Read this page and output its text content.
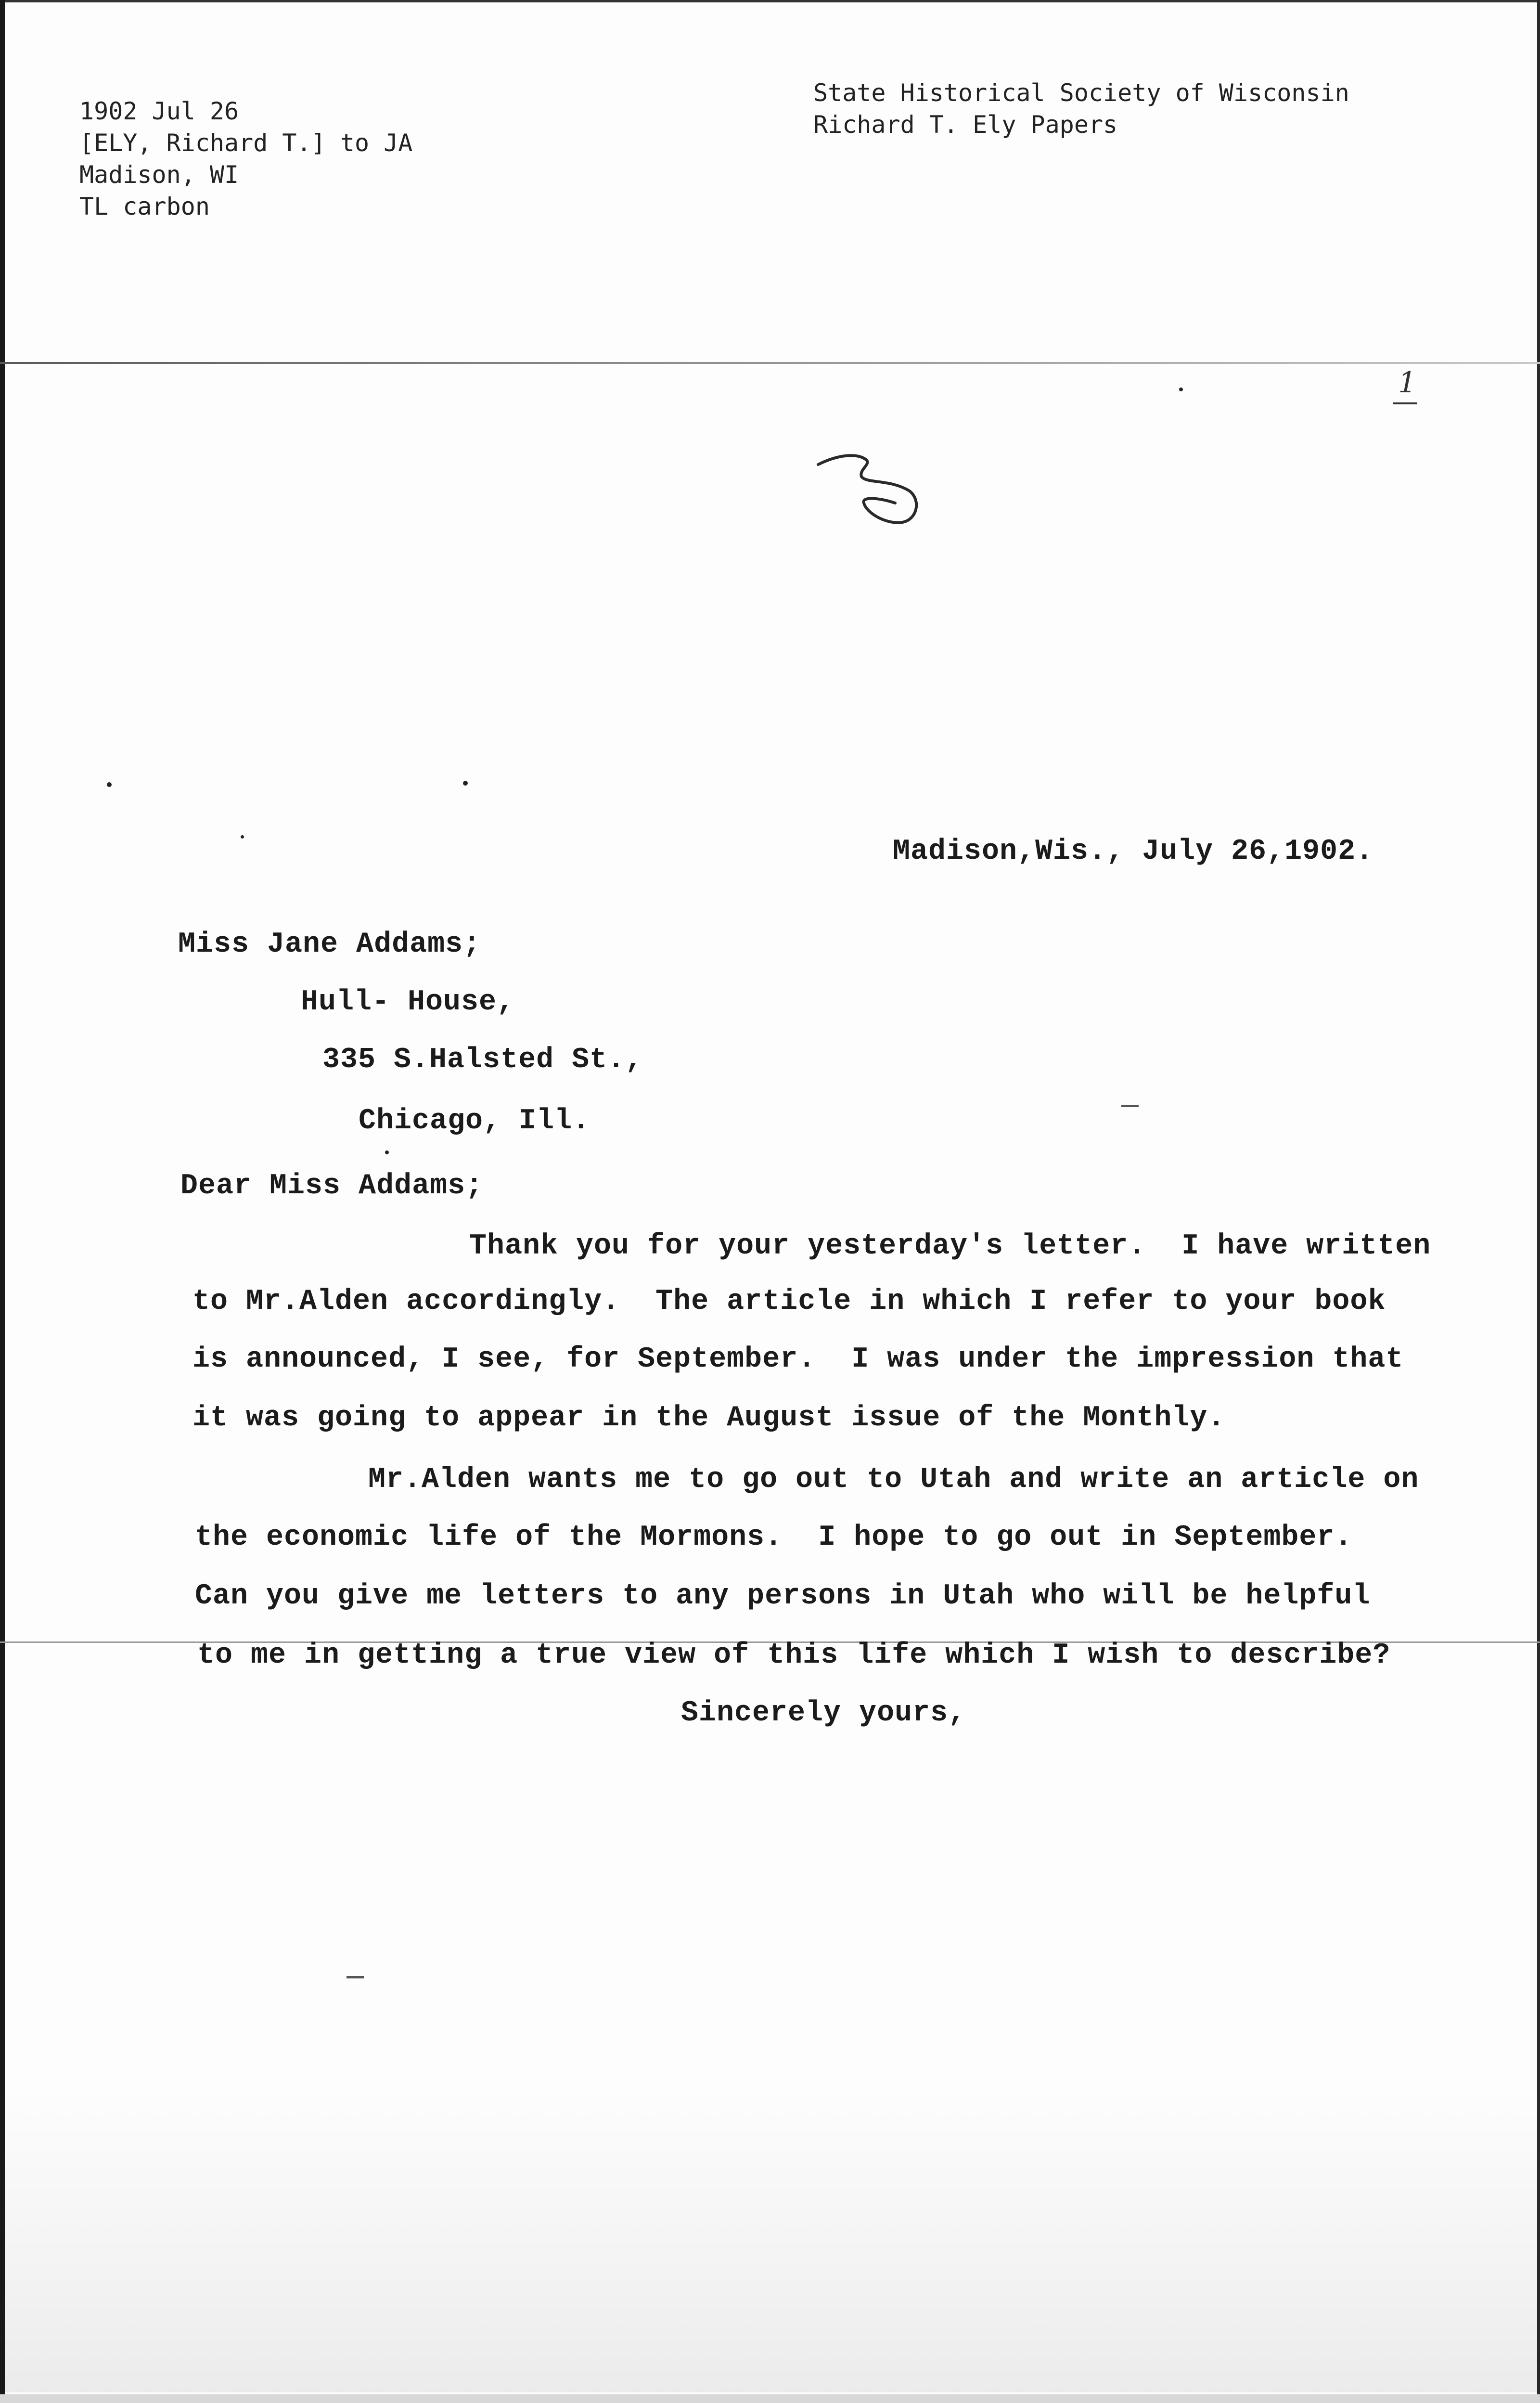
1902 Jul 26
[ELY, Richard T.] to JA
Madison, WI
TL carbon
State Historical Society of Wisconsin
Richard T. Ely Papers
1
Madison,Wis., July 26,1902.
Miss Jane Addams;
Hull- House,
335 S.Halsted St.,
Chicago, Ill.
Dear Miss Addams;
Thank you for your yesterday's letter.  I have written
to Mr.Alden accordingly.  The article in which I refer to your book
is announced, I see, for September.  I was under the impression that
it was going to appear in the August issue of the Monthly.
Mr.Alden wants me to go out to Utah and write an article on
the economic life of the Mormons.  I hope to go out in September.
Can you give me letters to any persons in Utah who will be helpful
to me in getting a true view of this life which I wish to describe?
Sincerely yours,
